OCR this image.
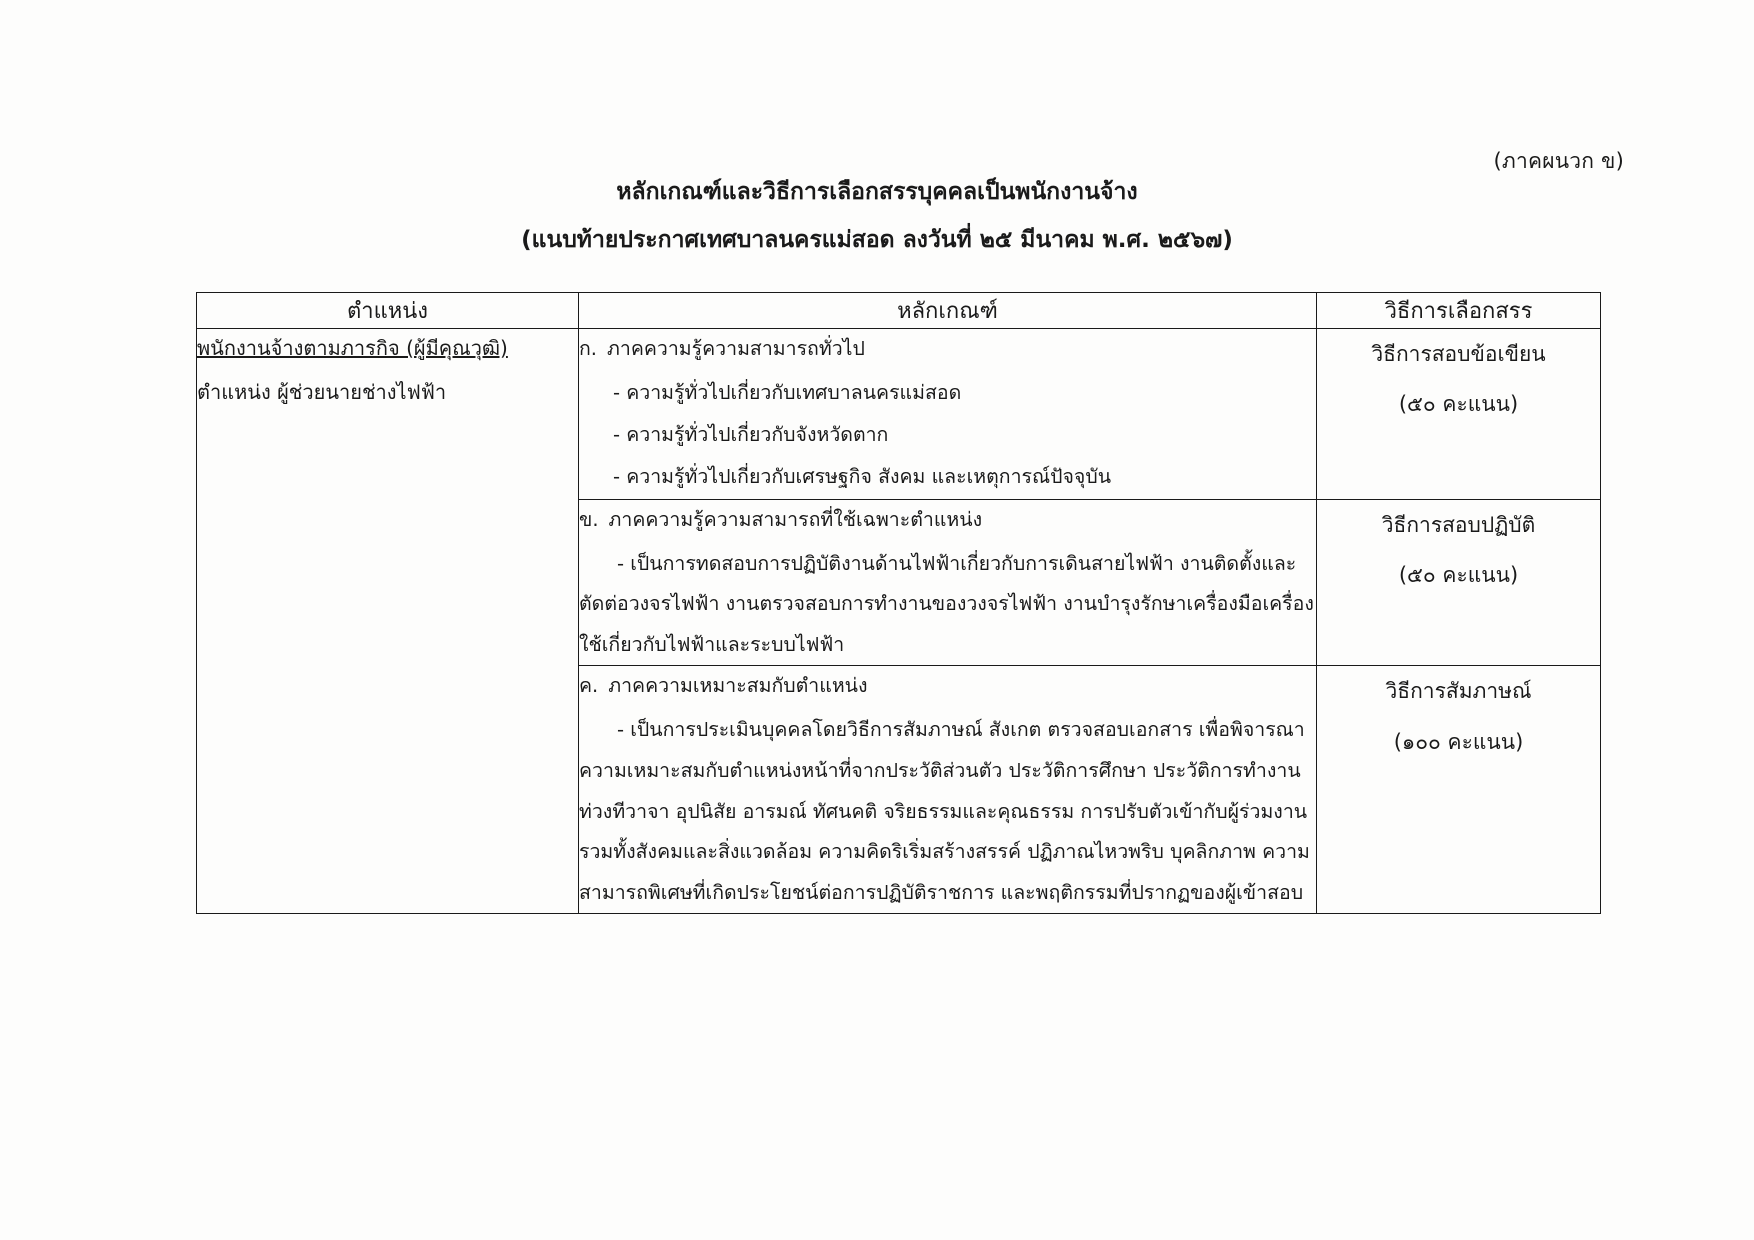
(ภาคผนวก ข)
หลักเกณฑ์และวิธีการเลือกสรรบุคคลเป็นพนักงานจ้าง
(แนบท้ายประกาศเทศบาลนครแม่สอด ลงวันที่ ๒๕ มีนาคม พ.ศ. ๒๕๖๗)
ตำแหน่ง	หลักเกณฑ์	วิธีการเลือกสรร

พนักงานจ้างตามภารกิจ (ผู้มีคุณวุฒิ)
ตำแหน่ง ผู้ช่วยนายช่างไฟฟ้า

ก. ภาคความรู้ความสามารถทั่วไป
- ความรู้ทั่วไปเกี่ยวกับเทศบาลนครแม่สอด
- ความรู้ทั่วไปเกี่ยวกับจังหวัดตาก
- ความรู้ทั่วไปเกี่ยวกับเศรษฐกิจ สังคม และเหตุการณ์ปัจจุบัน
	วิธีการสอบข้อเขียน
(๕๐ คะแนน)

	ข. ภาคความรู้ความสามารถที่ใช้เฉพาะตำแหน่ง

- เป็นการทดสอบการปฏิบัติงานด้านไฟฟ้าเกี่ยวกับการเดินสายไฟฟ้า งานติดตั้งและตัดต่อวงจรไฟฟ้า งานตรวจสอบการทำงานของวงจรไฟฟ้า งานบำรุงรักษาเครื่องมือเครื่องใช้เกี่ยวกับไฟฟ้าและระบบไฟฟ้า	วิธีการสอบปฏิบัติ
(๕๐ คะแนน)

	ค. ภาคความเหมาะสมกับตำแหน่ง

- เป็นการประเมินบุคคลโดยวิธีการสัมภาษณ์ สังเกต ตรวจสอบเอกสาร เพื่อพิจารณาความเหมาะสมกับตำแหน่งหน้าที่จากประวัติส่วนตัว ประวัติการศึกษา ประวัติการทำงาน ท่วงทีวาจา อุปนิสัย อารมณ์ ทัศนคติ จริยธรรมและคุณธรรม การปรับตัวเข้ากับผู้ร่วมงาน รวมทั้งสังคมและสิ่งแวดล้อม ความคิดริเริ่มสร้างสรรค์ ปฏิภาณไหวพริบ บุคลิกภาพ ความสามารถพิเศษที่เกิดประโยชน์ต่อการปฏิบัติราชการ และพฤติกรรมที่ปรากฏของผู้เข้าสอบ	วิธีการสัมภาษณ์
(๑๐๐ คะแนน)
